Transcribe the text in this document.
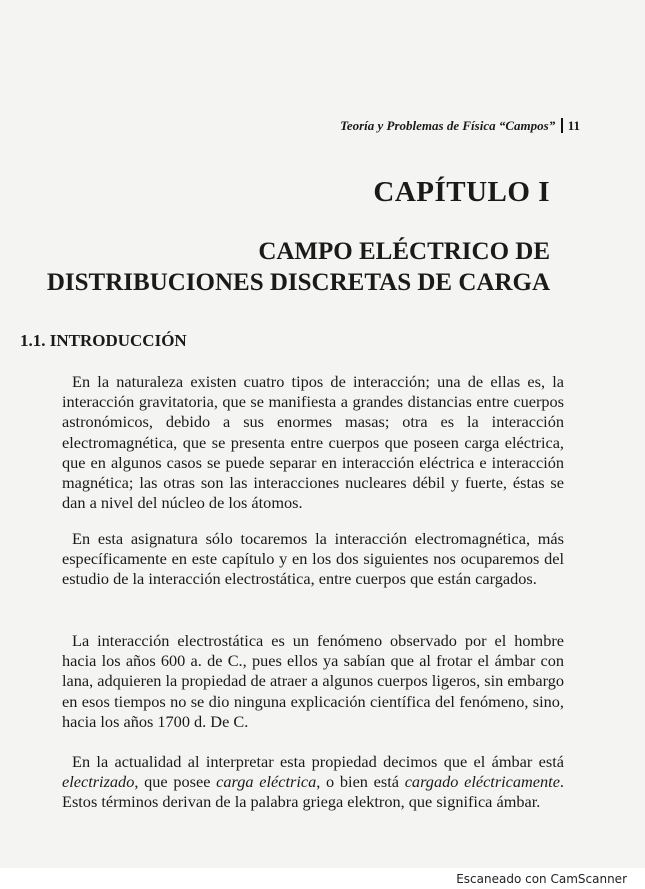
Teoría y Problemas de Física “Campos” 11
CAPÍTULO I
CAMPO ELÉCTRICO DE
DISTRIBUCIONES DISCRETAS DE CARGA
1.1. INTRODUCCIÓN

En la naturaleza existen cuatro tipos de interacción; una de ellas es, la interacción gravitatoria, que se manifiesta a grandes distancias entre cuerpos astronómicos, debido a sus enormes masas; otra es la interacción electromagnética, que se presenta entre cuerpos que poseen carga eléctrica, que en algunos casos se puede separar en interacción eléctrica e interacción magnética; las otras son las interacciones nucleares débil y fuerte, éstas se dan a nivel del núcleo de los átomos.

En esta asignatura sólo tocaremos la interacción electromagnética, más específicamente en este capítulo y en los dos siguientes nos ocuparemos del estudio de la interacción electrostática, entre cuerpos que están cargados.

La interacción electrostática es un fenómeno observado por el hombre hacia los años 600 a. de C., pues ellos ya sabían que al frotar el ámbar con lana, adquieren la propiedad de atraer a algunos cuerpos ligeros, sin embargo en esos tiempos no se dio ninguna explicación científica del fenómeno, sino, hacia los años 1700 d. De C.

En la actualidad al interpretar esta propiedad decimos que el ámbar está electrizado, que posee carga eléctrica, o bien está cargado eléctricamente. Estos términos derivan de la palabra griega elektron, que significa ámbar.

Escaneado con CamScanner
